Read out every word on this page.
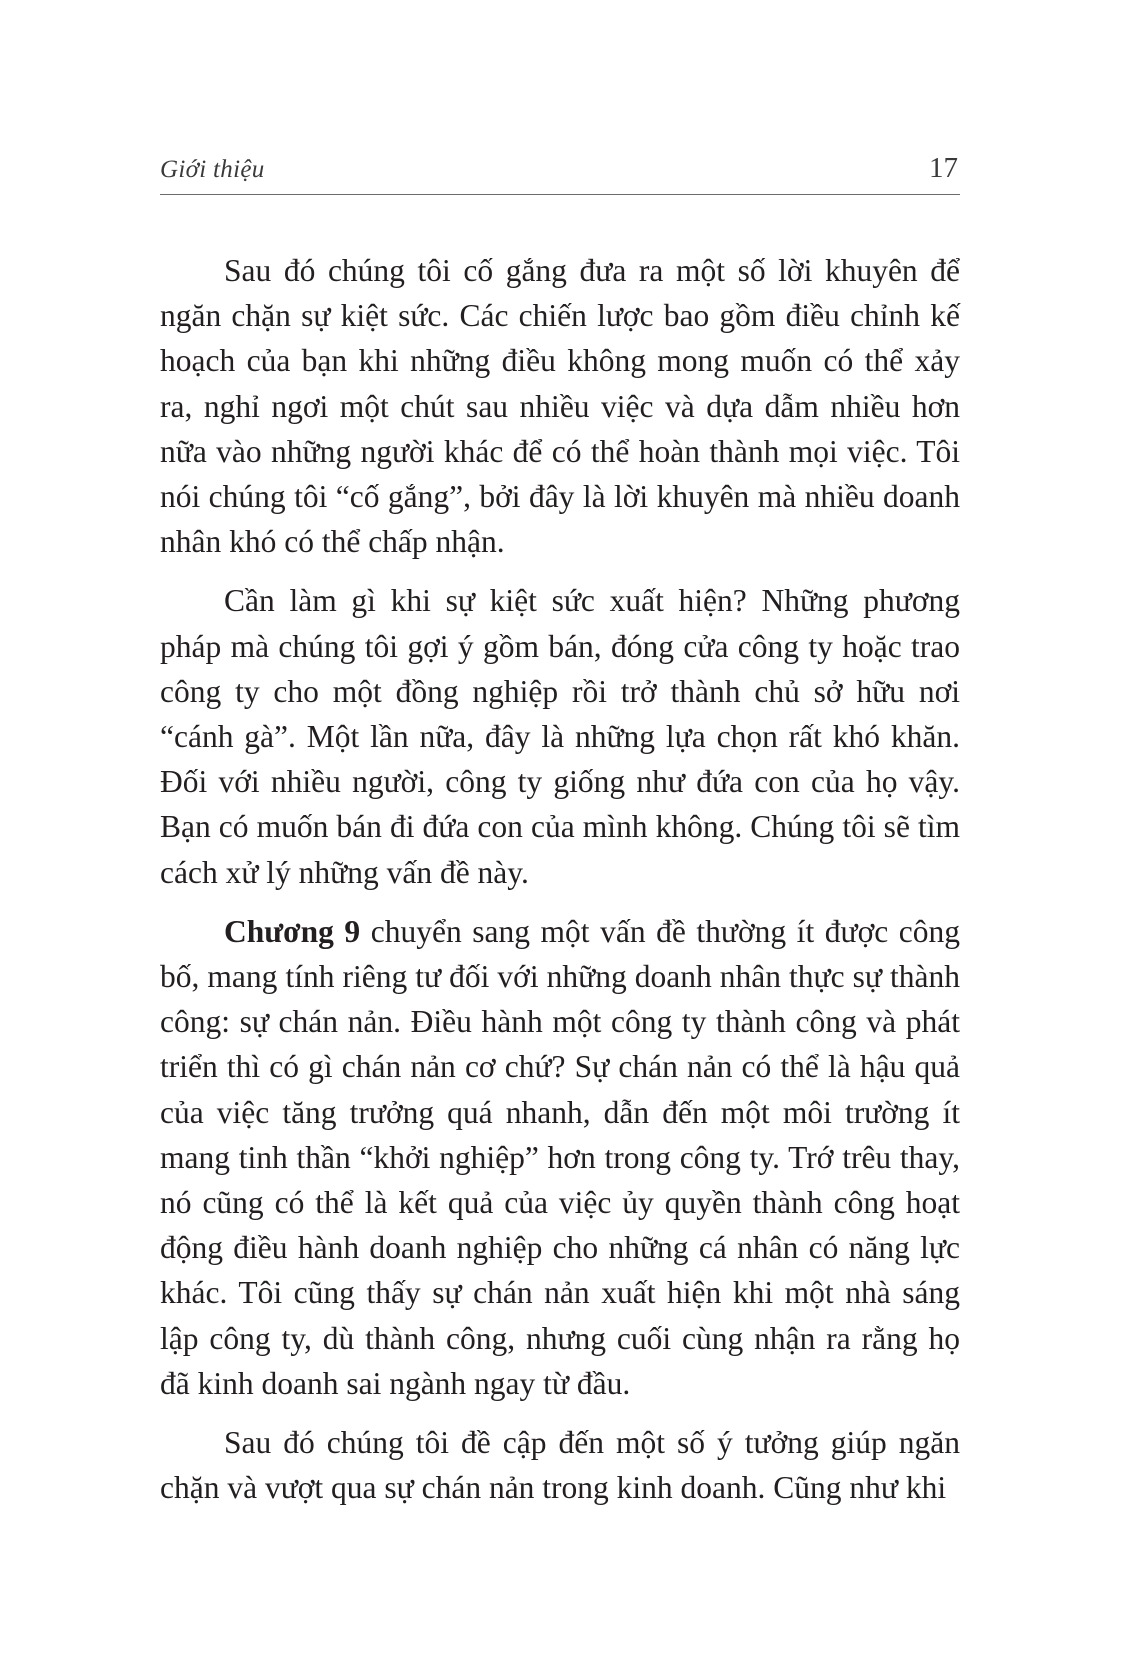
Giới thiệu	17

Sau đó chúng tôi cố gắng đưa ra một số lời khuyên để ngăn chặn sự kiệt sức. Các chiến lược bao gồm điều chỉnh kế hoạch của bạn khi những điều không mong muốn có thể xảy ra, nghỉ ngơi một chút sau nhiều việc và dựa dẫm nhiều hơn nữa vào những người khác để có thể hoàn thành mọi việc. Tôi nói chúng tôi “cố gắng”, bởi đây là lời khuyên mà nhiều doanh nhân khó có thể chấp nhận.

Cần làm gì khi sự kiệt sức xuất hiện? Những phương pháp mà chúng tôi gợi ý gồm bán, đóng cửa công ty hoặc trao công ty cho một đồng nghiệp rồi trở thành chủ sở hữu nơi “cánh gà”. Một lần nữa, đây là những lựa chọn rất khó khăn. Đối với nhiều người, công ty giống như đứa con của họ vậy. Bạn có muốn bán đi đứa con của mình không. Chúng tôi sẽ tìm cách xử lý những vấn đề này.

Chương 9 chuyển sang một vấn đề thường ít được công bố, mang tính riêng tư đối với những doanh nhân thực sự thành công: sự chán nản. Điều hành một công ty thành công và phát triển thì có gì chán nản cơ chứ? Sự chán nản có thể là hậu quả của việc tăng trưởng quá nhanh, dẫn đến một môi trường ít mang tinh thần “khởi nghiệp” hơn trong công ty. Trớ trêu thay, nó cũng có thể là kết quả của việc ủy quyền thành công hoạt động điều hành doanh nghiệp cho những cá nhân có năng lực khác. Tôi cũng thấy sự chán nản xuất hiện khi một nhà sáng lập công ty, dù thành công, nhưng cuối cùng nhận ra rằng họ đã kinh doanh sai ngành ngay từ đầu.

Sau đó chúng tôi đề cập đến một số ý tưởng giúp ngăn chặn và vượt qua sự chán nản trong kinh doanh. Cũng như khi
